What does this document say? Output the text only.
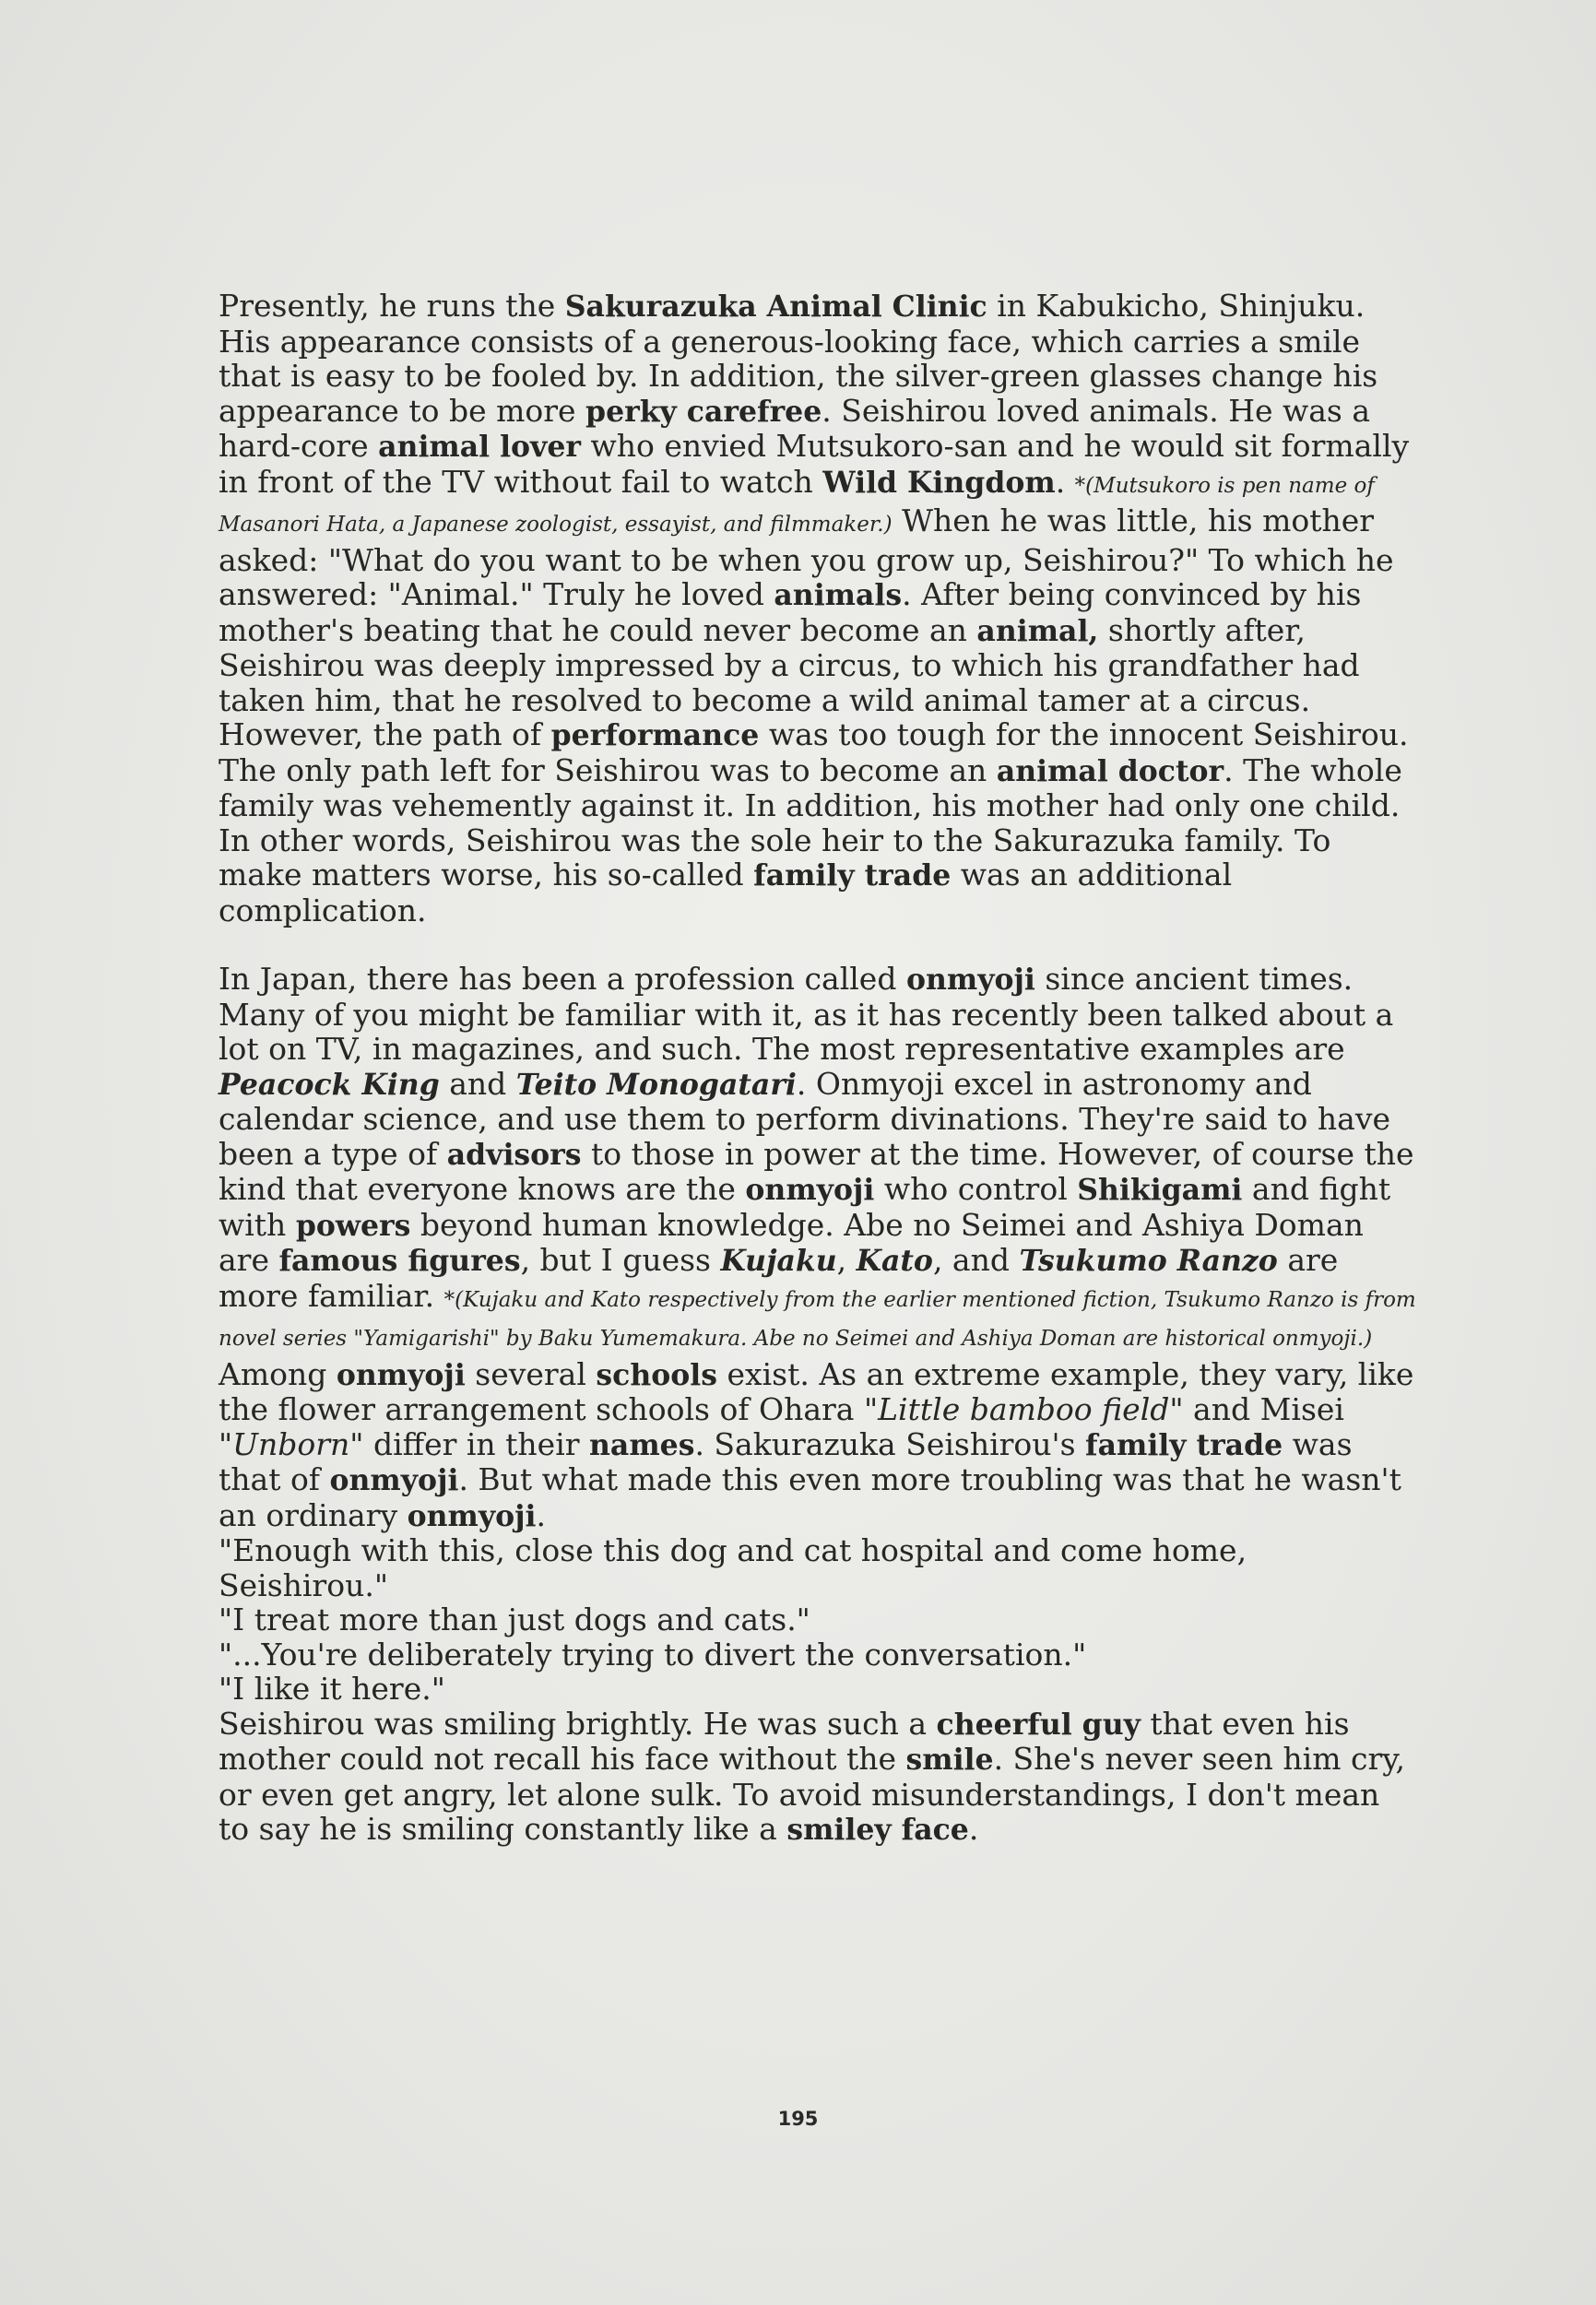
Presently, he runs the Sakurazuka Animal Clinic in Kabukicho, Shinjuku. His appearance consists of a generous-looking face, which carries a smile that is easy to be fooled by. In addition, the silver-green glasses change his appearance to be more perky carefree. Seishirou loved animals. He was a hard-core animal lover who envied Mutsukoro-san and he would sit formally in front of the TV without fail to watch Wild Kingdom. *(Mutsukoro is pen name of Masanori Hata, a Japanese zoologist, essayist, and filmmaker.) When he was little, his mother asked: "What do you want to be when you grow up, Seishirou?" To which he answered: "Animal." Truly he loved animals. After being convinced by his mother's beating that he could never become an animal, shortly after, Seishirou was deeply impressed by a circus, to which his grandfather had taken him, that he resolved to become a wild animal tamer at a circus. However, the path of performance was too tough for the innocent Seishirou. The only path left for Seishirou was to become an animal doctor. The whole family was vehemently against it. In addition, his mother had only one child. In other words, Seishirou was the sole heir to the Sakurazuka family. To make matters worse, his so-called family trade was an additional complication.

In Japan, there has been a profession called onmyoji since ancient times. Many of you might be familiar with it, as it has recently been talked about a lot on TV, in magazines, and such. The most representative examples are Peacock King and Teito Monogatari. Onmyoji excel in astronomy and calendar science, and use them to perform divinations. They're said to have been a type of advisors to those in power at the time. However, of course the kind that everyone knows are the onmyoji who control Shikigami and fight with powers beyond human knowledge. Abe no Seimei and Ashiya Doman are famous figures, but I guess Kujaku, Kato, and Tsukumo Ranzo are more familiar. *(Kujaku and Kato respectively from the earlier mentioned fiction, Tsukumo Ranzo is from novel series "Yamigarishi" by Baku Yumemakura. Abe no Seimei and Ashiya Doman are historical onmyoji.) Among onmyoji several schools exist. As an extreme example, they vary, like the flower arrangement schools of Ohara "Little bamboo field" and Misei "Unborn" differ in their names. Sakurazuka Seishirou's family trade was that of onmyoji. But what made this even more troubling was that he wasn't an ordinary onmyoji.

"Enough with this, close this dog and cat hospital and come home, Seishirou."

"I treat more than just dogs and cats."

"...You're deliberately trying to divert the conversation."

"I like it here."

Seishirou was smiling brightly. He was such a cheerful guy that even his mother could not recall his face without the smile. She's never seen him cry, or even get angry, let alone sulk. To avoid misunderstandings, I don't mean to say he is smiling constantly like a smiley face.

195
